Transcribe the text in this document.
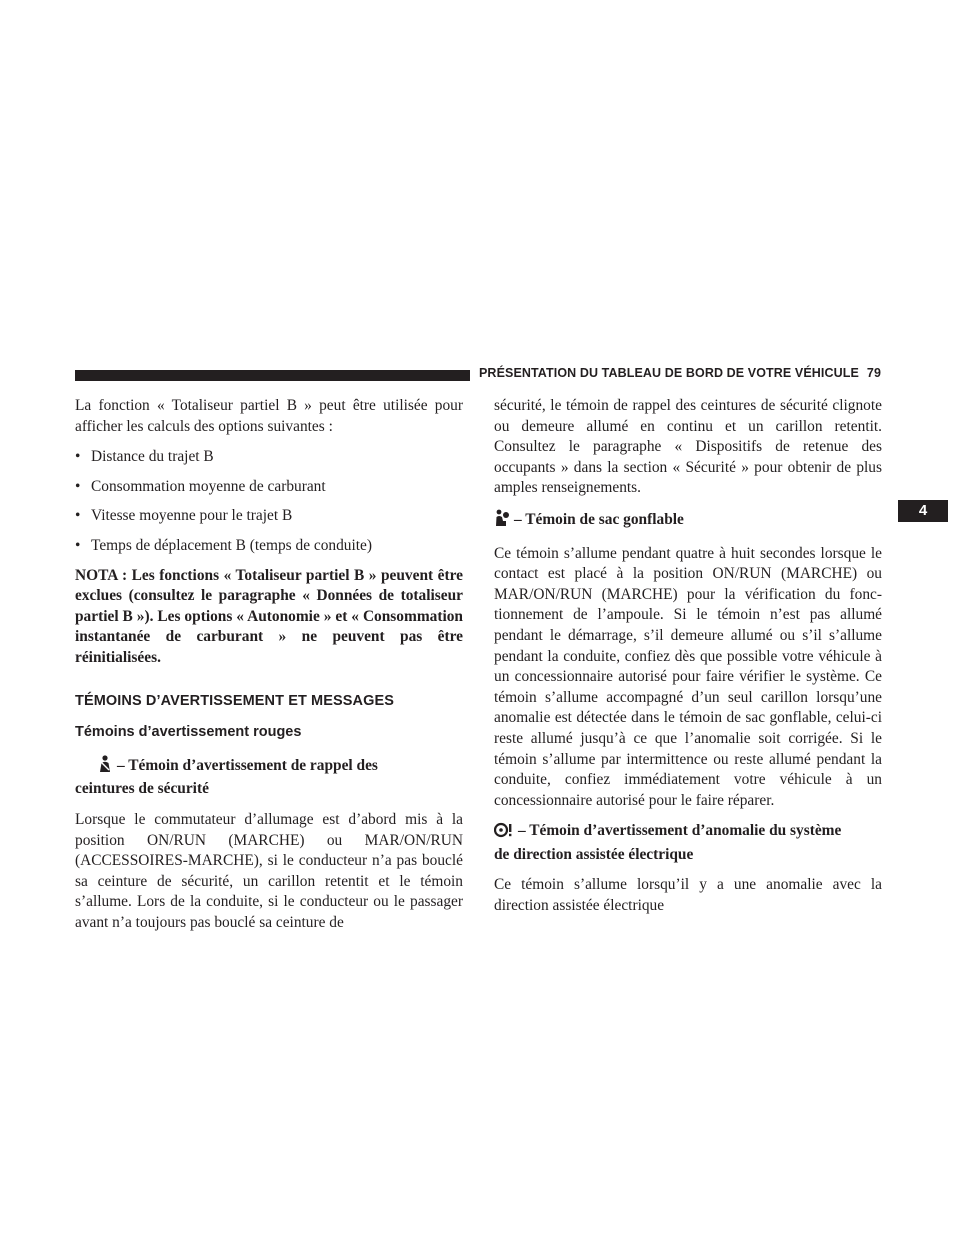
PRÉSENTATION DU TABLEAU DE BORD DE VOTRE VÉHICULE 79
4

La fonction « Totaliseur partiel B » peut être utilisée pour afficher les calculs des options suivantes :

• Distance du trajet B
• Consommation moyenne de carburant
• Vitesse moyenne pour le trajet B
• Temps de déplacement B (temps de conduite)

NOTA : Les fonctions « Totaliseur partiel B » peuvent être exclues (consultez le paragraphe « Données de totaliseur partiel B »). Les options « Autonomie » et « Consommation instantanée de carburant » ne peuvent pas être réinitialisées.

TÉMOINS D’AVERTISSEMENT ET MESSAGES
Témoins d’avertissement rouges
– Témoin d’avertissement de rappel des
ceintures de sécurité

Lorsque le commutateur d’allumage est d’abord mis à la position ON/RUN (MARCHE) ou MAR/ON/RUN (ACCESSOIRES-MARCHE), si le conducteur n’a pas bouclé sa ceinture de sécurité, un carillon retentit et le témoin s’allume. Lors de la conduite, si le conducteur ou le passager avant n’a toujours pas bouclé sa ceinture de

sécurité, le témoin de rappel des ceintures de sécurité clignote ou demeure allumé en continu et un carillon retentit. Consultez le paragraphe « Dispositifs de retenue des occupants » dans la section « Sécurité » pour obtenir de plus amples renseignements.

– Témoin de sac gonflable

Ce témoin s’allume pendant quatre à huit secondes lorsque le contact est placé à la position ON/RUN (MARCHE) ou MAR/ON/RUN (MARCHE) pour la vérification du fonctionnement de l’ampoule. Si le témoin n’est pas allumé pendant le démarrage, s’il demeure allumé ou s’il s’allume pendant la conduite, confiez dès que possible votre véhicule à un concessionnaire autorisé pour faire vérifier le système. Ce témoin s’allume accompagné d’un seul carillon lorsqu’une anomalie est détectée dans le témoin de sac gonflable, celui-ci reste allumé jusqu’à ce que l’anomalie soit corrigée. Si le témoin s’allume par intermittence ou reste allumé pendant la conduite, confiez immédiatement votre véhicule à un concessionnaire autorisé pour le faire réparer.

– Témoin d’avertissement d’anomalie du système
de direction assistée électrique

Ce témoin s’allume lorsqu’il y a une anomalie avec la direction assistée électrique
